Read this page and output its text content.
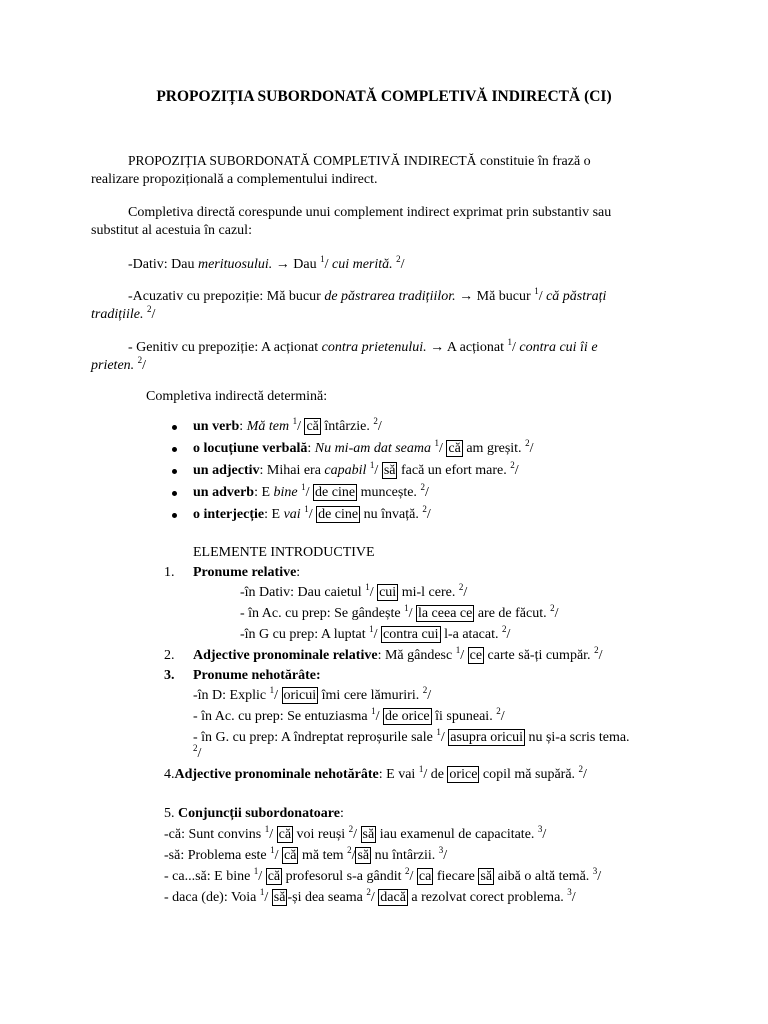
PROPOZIȚIA SUBORDONATĂ COMPLETIVĂ INDIRECTĂ (CI)
PROPOZIȚIA SUBORDONATĂ COMPLETIVĂ INDIRECTĂ constituie în frază o
realizare propozițională a complementului indirect.
Completiva directă corespunde unui complement indirect exprimat prin substantiv sau
substitut al acestuia în cazul:
-Dativ: Dau merituosului. → Dau $^1$/ cui merită. $^2$/
-Acuzativ cu prepoziție: Mă bucur de păstrarea tradițiilor. → Mă bucur $^1$/ că păstrați
tradițiile. $^2$/
- Genitiv cu prepoziție: A acționat contra prietenului. → A acționat $^1$/ contra cui îi e
prieten. $^2$/
Completiva indirectă determină:
un verb: Mă tem $^1$/ că întârzie. $^2$/
o locuțiune verbală: Nu mi-am dat seama $^1$/ că am greșit. $^2$/
un adjectiv: Mihai era capabil $^1$/ să facă un efort mare. $^2$/
un adverb: E bine $^1$/ de cine muncește. $^2$/
o interjecție: E vai $^1$/ de cine nu învață. $^2$/
ELEMENTE INTRODUCTIVE
1. Pronume relative:
-în Dativ: Dau caietul $^1$/ cui mi-l cere. $^2$/
- în Ac. cu prep: Se gândește $^1$/ la ceea ce are de făcut. $^2$/
-în G cu prep: A luptat $^1$/ contra cui l-a atacat. $^2$/
2. Adjective pronominale relative: Mă gândesc $^1$/ ce carte să-ți cumpăr. $^2$/
3. Pronume nehotărâte:
-în D: Explic $^1$/ oricui îmi cere lămuriri. $^2$/
- în Ac. cu prep: Se entuziasma $^1$/ de orice îi spuneai. $^2$/
- în G. cu prep: A îndreptat reproșurile sale $^1$/ asupra oricui nu și-a scris tema.
$^2$/
4.Adjective pronominale nehotărâte: E vai $^1$/ de orice copil mă supără. $^2$/
5. Conjuncții subordonatoare:
-că: Sunt convins $^1$/ că voi reuși $^2$/ să iau examenul de capacitate. $^3$/
-să: Problema este $^1$/ că mă tem $^2$/ să nu întârzii. $^3$/
- ca...să: E bine $^1$/ că profesorul s-a gândit $^2$/ ca fiecare să aibă o altă temă. $^3$/
- daca (de): Voia $^1$/ să -și dea seama $^2$/ dacă a rezolvat corect problema. $^3$/
